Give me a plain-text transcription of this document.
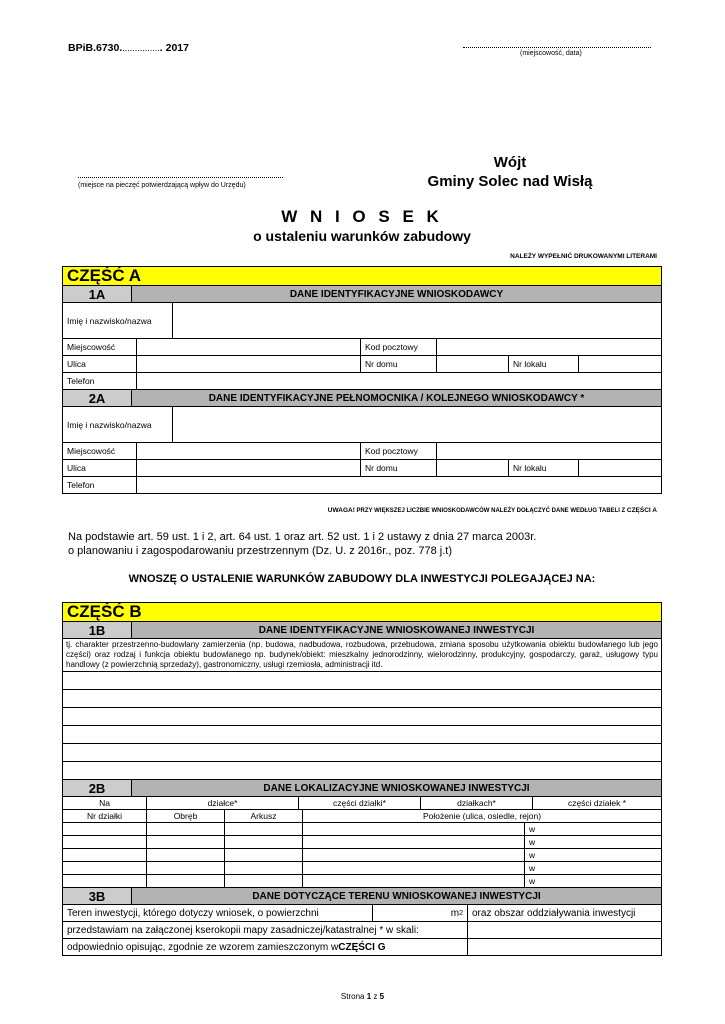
BPiB.6730................. 2017	(miejscowość, data)
(miejsce na pieczęć potwierdzającą wpływ do Urzędu)
Wójt
Gminy Solec nad Wisłą
W N I O S E K
o ustaleniu warunków zabudowy
NALEŻY WYPEŁNIĆ DRUKOWANYMI LITERAMI
CZĘŚĆ A
1A	DANE IDENTYFIKACYJNE WNIOSKODAWCY
Imię i nazwisko/nazwa
Miejscowość	Kod pocztowy
Ulica	Nr domu	Nr lokalu
Telefon
2A	DANE IDENTYFIKACYJNE PEŁNOMOCNIKA / KOLEJNEGO WNIOSKODAWCY *
Imię i nazwisko/nazwa
Miejscowość	Kod pocztowy
Ulica	Nr domu	Nr lokalu
Telefon
UWAGA! PRZY WIĘKSZEJ LICZBIE WNIOSKODAWCÓW NALEŻY DOŁĄCZYĆ DANE WEDŁUG TABELI Z CZĘŚCI A
Na podstawie art. 59 ust. 1 i 2, art. 64 ust. 1 oraz art. 52 ust. 1 i 2 ustawy z dnia 27 marca 2003r.
o planowaniu i zagospodarowaniu przestrzennym (Dz. U. z 2016r., poz. 778 j.t)
WNOSZĘ O USTALENIE WARUNKÓW ZABUDOWY DLA INWESTYCJI POLEGAJĄCEJ NA:
CZĘŚĆ B
1B	DANE IDENTYFIKACYJNE WNIOSKOWANEJ INWESTYCJI
tj. charakter przestrzenno-budowlany zamierzenia (np. budowa, nadbudowa, rozbudowa, przebudowa, zmiana sposobu użytkowania obiektu budowlanego lub jego części) oraz rodzaj i funkcja obiektu budowlanego np. budynek/obiekt: mieszkalny jednorodzinny, wielorodzinny, produkcyjny, gospodarczy, garaż, usługowy typu handlowy (z powierzchnią sprzedaży), gastronomiczny, usługi rzemiosła, administracji itd.
2B	DANE LOKALIZACYJNE WNIOSKOWANEJ INWESTYCJI
Na	działce*	części działki*	działkach*	części działek *
Nr działki	Obręb	Arkusz	Położenie (ulica, osiedle, rejon)
w
w
w
w
w
3B	DANE DOTYCZĄCE TERENU WNIOSKOWANEJ INWESTYCJI
Teren inwestycji, którego dotyczy wniosek, o powierzchni	m 2 oraz obszar oddziaływania inwestycji
przedstawiam na załączonej kserokopii mapy zasadniczej/katastralnej * w skali:
odpowiednio opisując, zgodnie ze wzorem zamieszczonym w CZĘŚCI G
Strona 1 z 5
